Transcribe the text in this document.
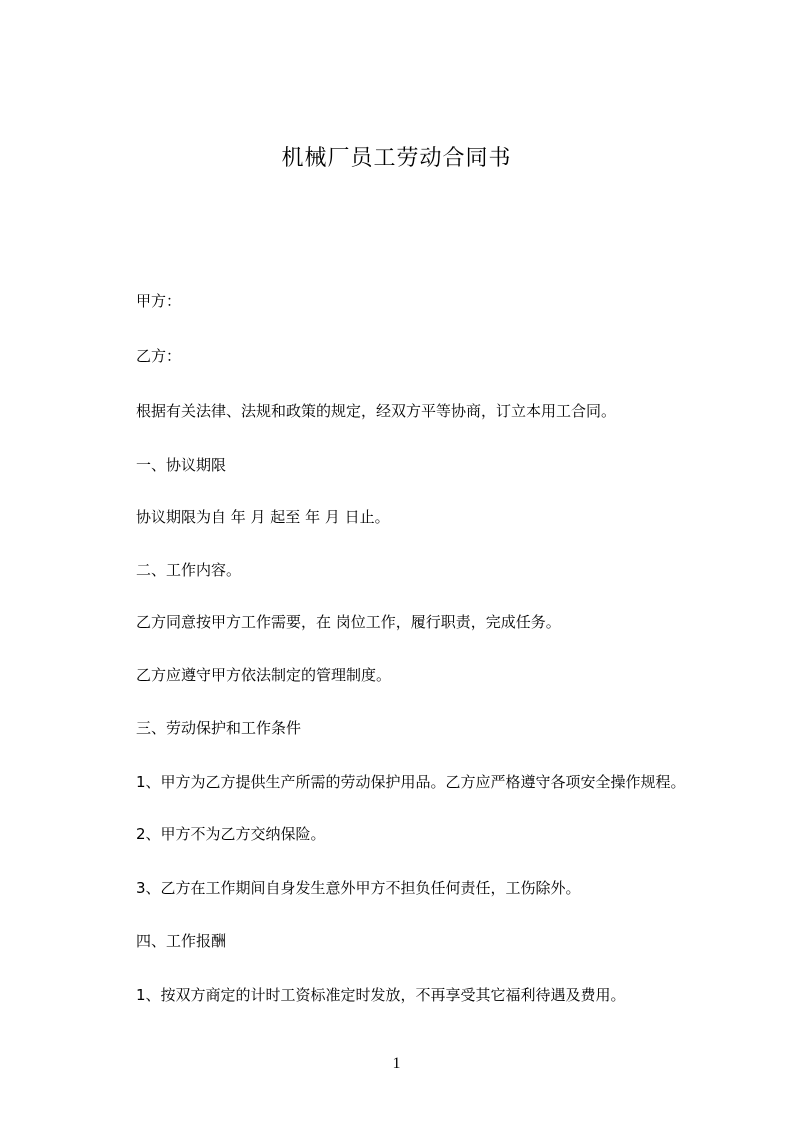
机械厂员工劳动合同书

甲方：

乙方：

根据有关法律、法规和政策的规定，经双方平等协商，订立本用工合同。

一、协议期限

协议期限为自 年 月 起至 年 月 日止。

二、工作内容。

乙方同意按甲方工作需要，在 岗位工作，履行职责，完成任务。

乙方应遵守甲方依法制定的管理制度。

三、劳动保护和工作条件

1、甲方为乙方提供生产所需的劳动保护用品。乙方应严格遵守各项安全操作规程。

2、甲方不为乙方交纳保险。

3、乙方在工作期间自身发生意外甲方不担负任何责任，工伤除外。

四、工作报酬

1、按双方商定的计时工资标准定时发放，不再享受其它福利待遇及费用。

1
